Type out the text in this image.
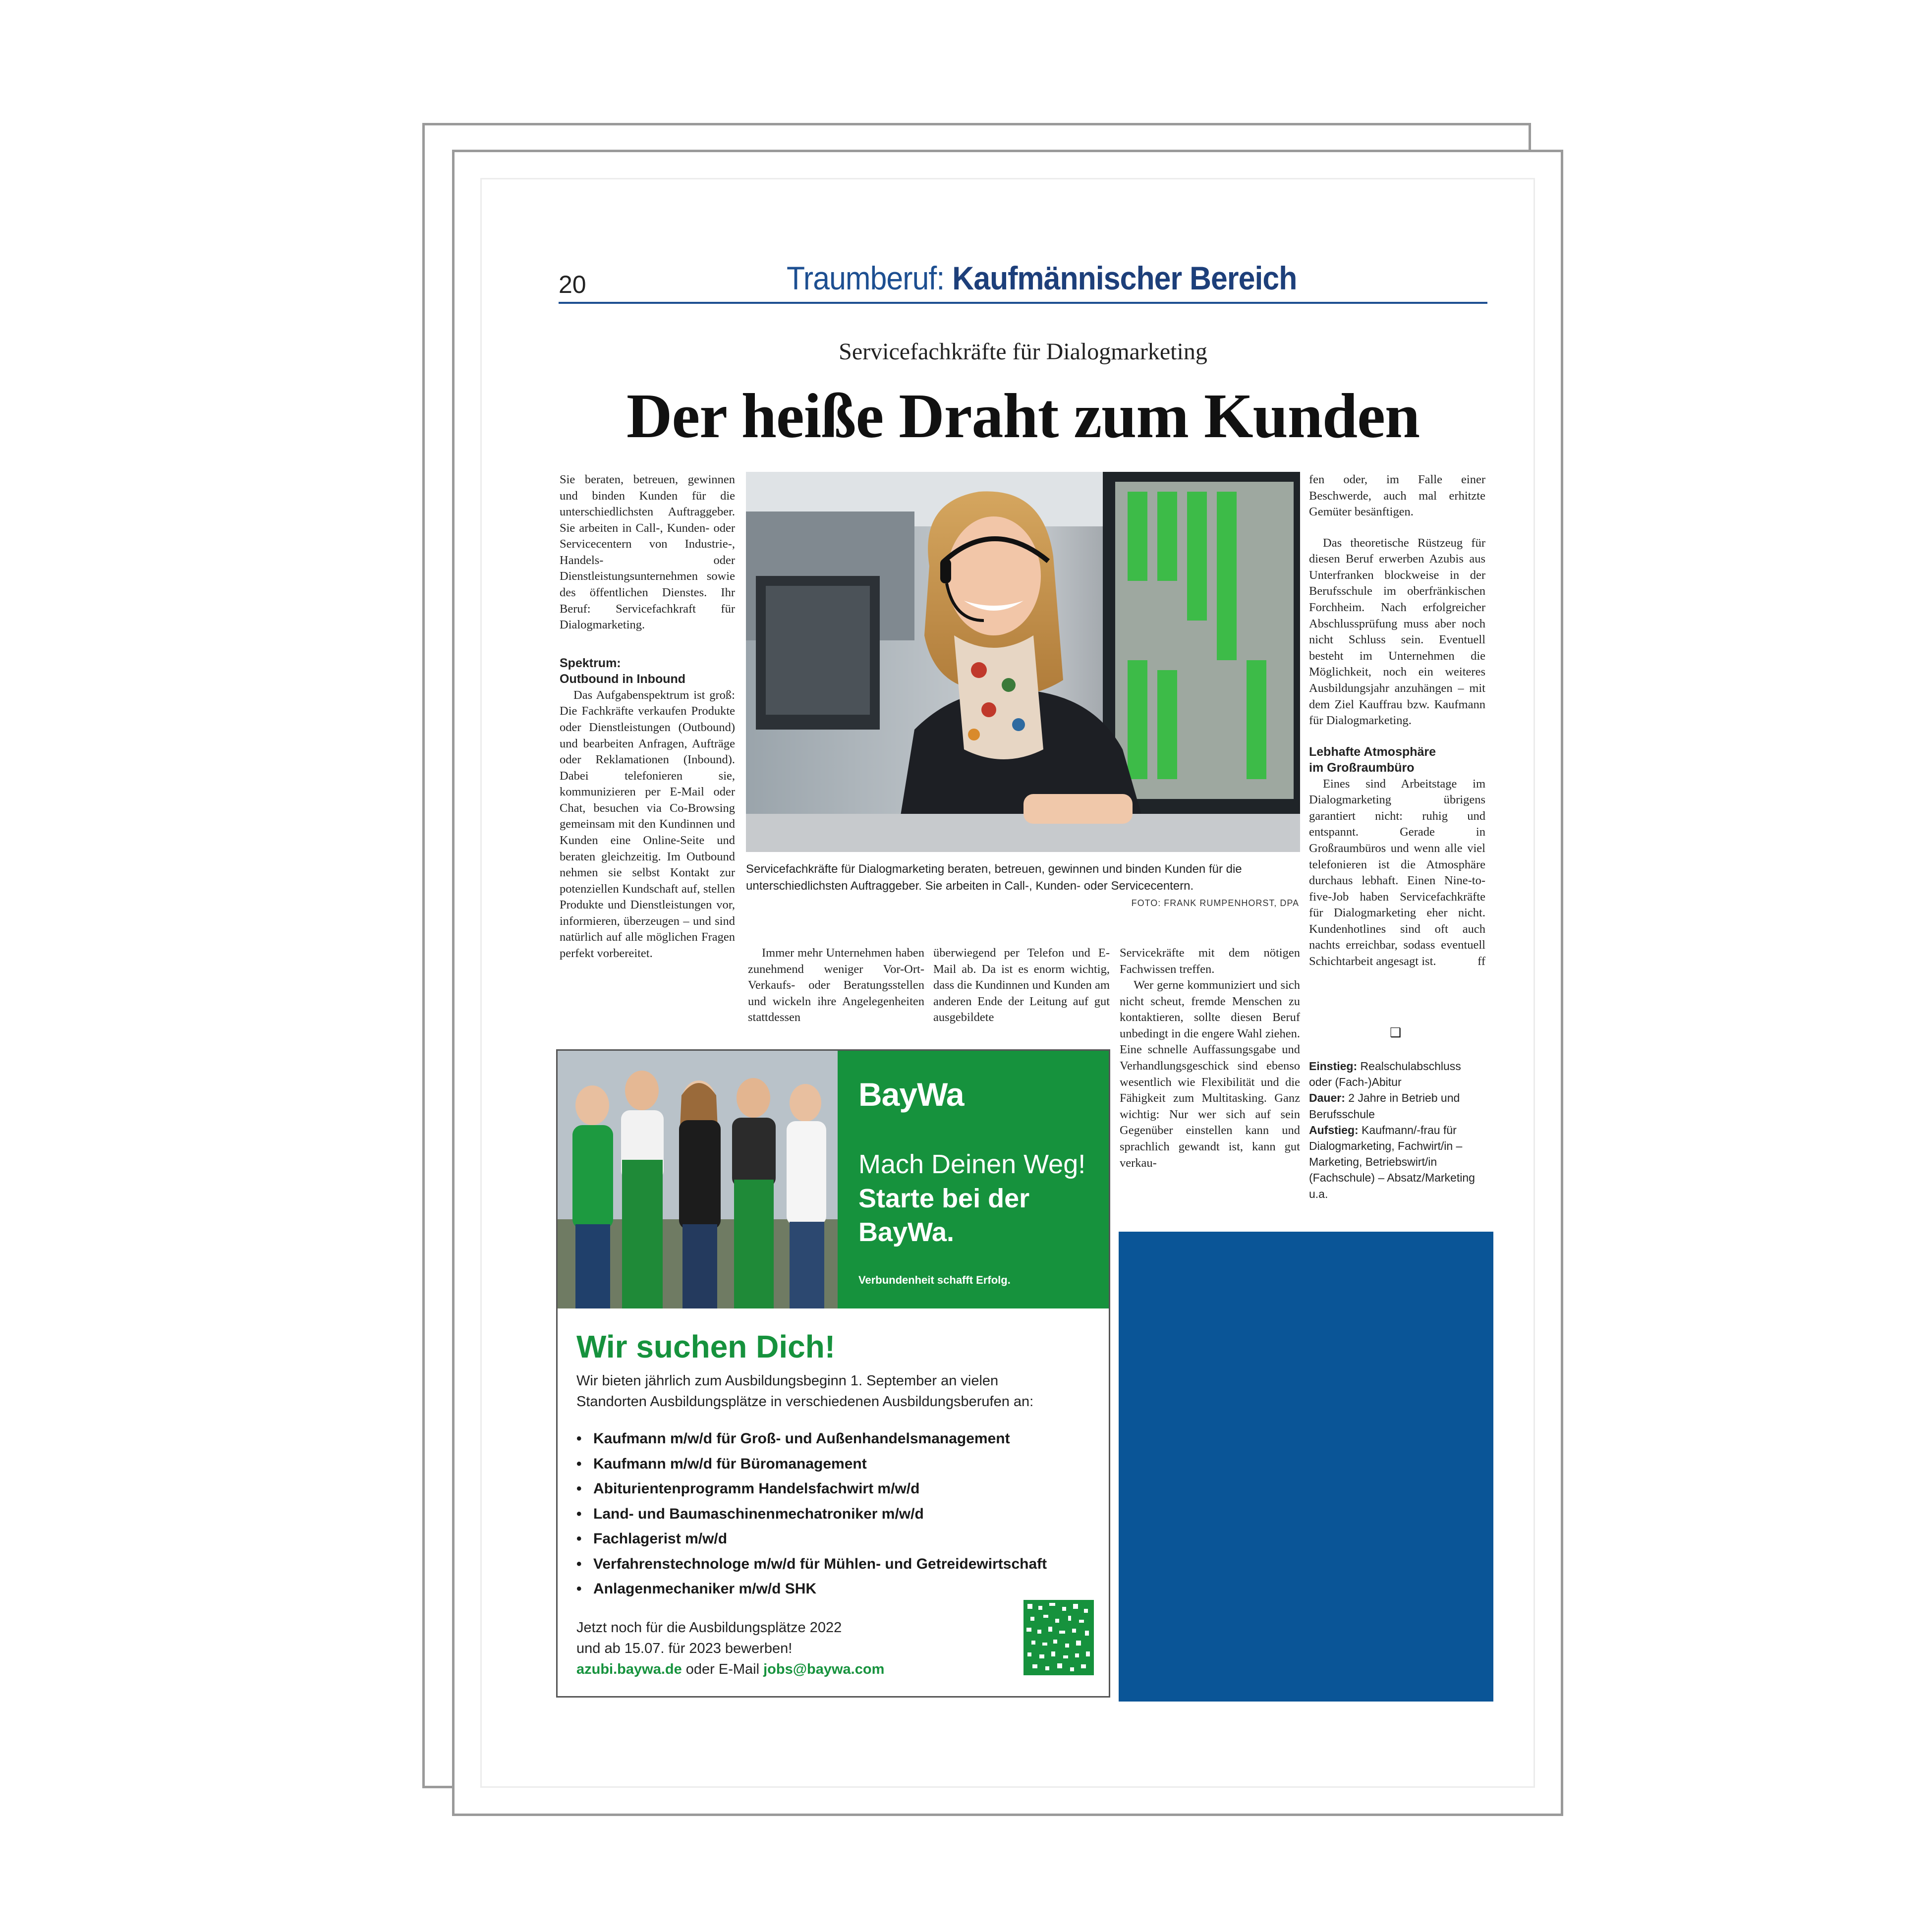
20	Traumberuf: Kaufmännischer Bereich
Servicefachkräfte für Dialogmarketing
Der heiße Draht zum Kunden

Sie beraten, betreuen, gewinnen und binden Kunden für die unterschiedlichsten Auftraggeber. Sie arbeiten in Call-, Kunden- oder Servicecentern von Industrie-, Handels- oder Dienstleistungsunternehmen sowie des öffentlichen Dienstes. Ihr Beruf: Servicefachkraft für Dialogmarketing.

Spektrum:
Outbound in Inbound

Das Aufgabenspektrum ist groß: Die Fachkräfte verkaufen Produkte oder Dienstleistungen (Outbound) und bearbeiten Anfragen, Aufträge oder Reklamationen (Inbound). Dabei telefonieren sie, kommunizieren per E-Mail oder Chat, besuchen via Co-Browsing gemeinsam mit den Kundinnen und Kunden eine Online-Seite und beraten gleichzeitig. Im Outbound nehmen sie selbst Kontakt zur potenziellen Kundschaft auf, stellen Produkte und Dienstleistungen vor, informieren, überzeugen – und sind natürlich auf alle möglichen Fragen perfekt vorbereitet.

Servicefachkräfte für Dialogmarketing beraten, betreuen, gewinnen und binden Kunden für die unterschiedlichsten Auftraggeber. Sie arbeiten in Call-, Kunden- oder Servicecentern.
FOTO: FRANK RUMPENHORST, DPA

Immer mehr Unternehmen haben zunehmend weniger Vor-Ort-Verkaufs- oder Beratungsstellen und wickeln ihre Angelegenheiten stattdessen

überwiegend per Telefon und E-Mail ab. Da ist es enorm wichtig, dass die Kundinnen und Kunden am anderen Ende der Leitung auf gut ausgebildete

Servicekräfte mit dem nötigen Fachwissen treffen.

Wer gerne kommuniziert und sich nicht scheut, fremde Menschen zu kontaktieren, sollte diesen Beruf unbedingt in die engere Wahl ziehen. Eine schnelle Auffassungsgabe und Verhandlungsgeschick sind ebenso wesentlich wie Flexibilität und die Fähigkeit zum Multitasking. Ganz wichtig: Nur wer sich auf sein Gegenüber einstellen kann und sprachlich gewandt ist, kann gut verkau-

fen oder, im Falle einer Beschwerde, auch mal erhitzte Gemüter besänftigen.

Das theoretische Rüstzeug für diesen Beruf erwerben Azubis aus Unterfranken blockweise in der Berufsschule im oberfränkischen Forchheim. Nach erfolgreicher Abschlussprüfung muss aber noch nicht Schluss sein. Eventuell besteht im Unternehmen die Möglichkeit, noch ein weiteres Ausbildungsjahr anzuhängen – mit dem Ziel Kauffrau bzw. Kaufmann für Dialogmarketing.

Lebhafte Atmosphäre
im Großraumbüro

Eines sind Arbeitstage im Dialogmarketing übrigens garantiert nicht: ruhig und entspannt. Gerade in Großraumbüros und wenn alle viel telefonieren ist die Atmosphäre durchaus lebhaft. Einen Nine-to-five-Job haben Servicefachkräfte für Dialogmarketing eher nicht. Kundenhotlines sind oft auch nachts erreichbar, sodass eventuell Schichtarbeit angesagt ist.	ff

❑
Einstieg: Realschulabschluss oder (Fach-)Abitur
Dauer: 2 Jahre in Betrieb und Berufsschule
Aufstieg: Kaufmann/-frau für Dialogmarketing, Fachwirt/in – Marketing, Betriebswirt/in (Fachschule) – Absatz/Marketing u.a.
BayWa
Mach Deinen Weg!
Starte bei der BayWa.
Verbundenheit schafft Erfolg.
Wir suchen Dich!
Wir bieten jährlich zum Ausbildungsbeginn 1. September an vielen Standorten Ausbildungsplätze in verschiedenen Ausbildungsberufen an:
• Kaufmann m/w/d für Groß- und Außenhandelsmanagement
• Kaufmann m/w/d für Büromanagement
• Abiturientenprogramm Handelsfachwirt m/w/d
• Land- und Baumaschinenmechatroniker m/w/d
• Fachlagerist m/w/d
• Verfahrenstechnologe m/w/d für Mühlen- und Getreidewirtschaft
• Anlagenmechaniker m/w/d SHK
Jetzt noch für die Ausbildungsplätze 2022
und ab 15.07. für 2023 bewerben!
azubi.baywa.de oder E-Mail jobs@baywa.com
